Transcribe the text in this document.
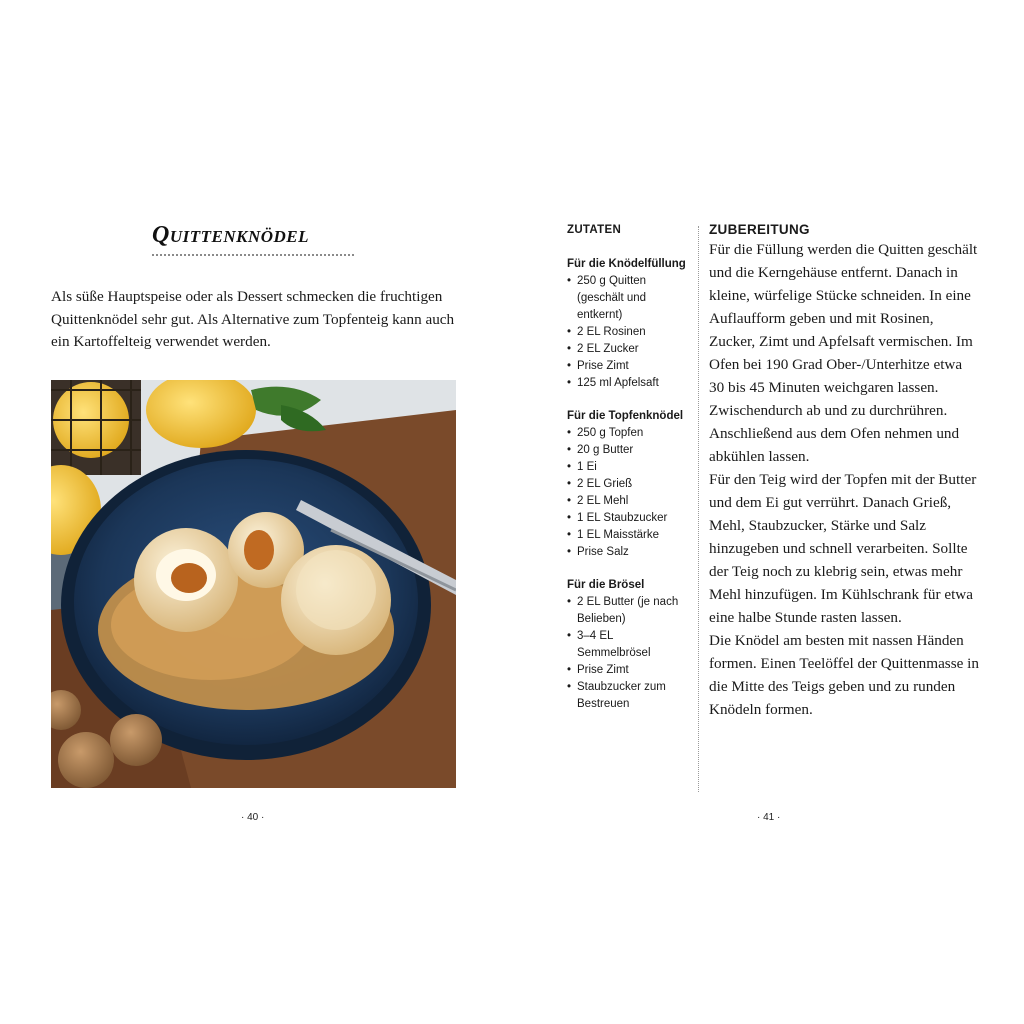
Quittenknödel

Als süße Hauptspeise oder als Dessert schmecken die fruchtigen Quittenknödel sehr gut. Als Alternative zum Topfenteig kann auch ein Kartoffelteig verwendet werden.

· 40 ·
ZUTATEN
Für die Knödelfüllung
• 250 g Quitten (geschält und entkernt)
• 2 EL Rosinen
• 2 EL Zucker
• Prise Zimt
• 125 ml Apfelsaft
Für die Topfenknödel
• 250 g Topfen
• 20 g Butter
• 1 Ei
• 2 EL Grieß
• 2 EL Mehl
• 1 EL Staubzucker
• 1 EL Maisstärke
• Prise Salz
Für die Brösel
• 2 EL Butter (je nach Belieben)
• 3–4 EL Semmelbrösel
• Prise Zimt
• Staubzucker zum Bestreuen
ZUBEREITUNG

Für die Füllung werden die Quitten geschält und die Kerngehäuse entfernt. Danach in kleine, würfelige Stücke schneiden. In eine Auflaufform geben und mit Rosinen, Zucker, Zimt und Apfelsaft vermischen. Im Ofen bei 190 Grad Ober-/Unterhitze etwa 30 bis 45 Minuten weichgaren lassen. Zwischendurch ab und zu durchrühren. Anschließend aus dem Ofen nehmen und abkühlen lassen.

Für den Teig wird der Topfen mit der Butter und dem Ei gut verrührt. Danach Grieß, Mehl, Staubzucker, Stärke und Salz hinzugeben und schnell verarbeiten. Sollte der Teig noch zu klebrig sein, etwas mehr Mehl hinzufügen. Im Kühlschrank für etwa eine halbe Stunde rasten lassen.

Die Knödel am besten mit nassen Händen formen. Einen Teelöffel der Quittenmasse in die Mitte des Teigs geben und zu runden Knödeln formen.

· 41 ·
